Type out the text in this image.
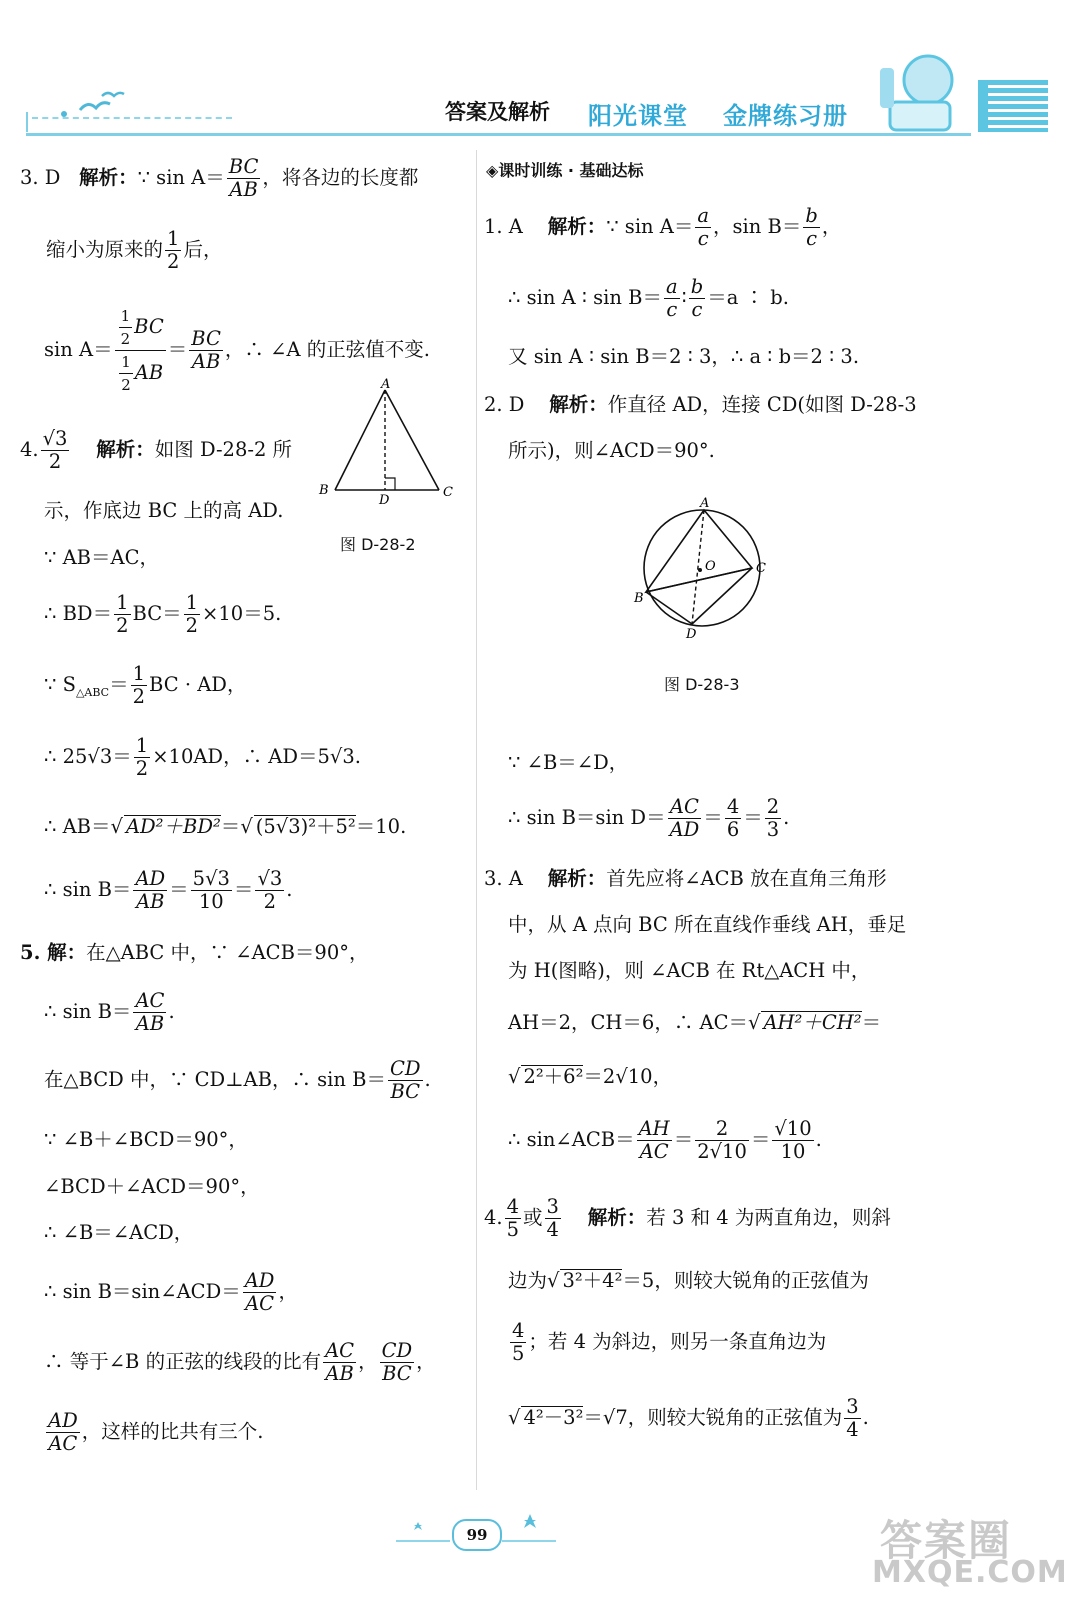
答案及解析 阳光课堂 金牌练习册
3. D 解析：∵ $\sin A= \frac{BC}{AB}$ ，将各边的长度都
缩小为原来的 $\frac{1}{2}$ 后，
$\sin A= \frac{\frac{1}{2} BC}{\frac{1}{2} AB} = \frac{BC}{AB}$ ，∴ ∠A 的正弦值不变.
4. $\frac{√3}{2}$ 解析：如图 D-28-2 所
示，作底边 BC 上的高 AD.
∵ AB＝AC，
∴ $BD= \frac{1}{2} BC= \frac{1}{2} \times 10=5$.
∵ $S_{\triangle ABC}= \frac{1}{2}$ BC · AD，
∴ $25√3= \frac{1}{2} \times 10AD$，∴ AD＝5√3.
∴ AB＝√ AD²＋BD²＝√ (5√3)²＋5²＝10.
∴ $\sin B= \frac{AD}{AB} = \frac{5√3}{10} = \frac{√3}{2}$ .
A
B	C
D
图 D-28-2
5. 解：在△ABC 中，∵ ∠ACB＝90°，
∴ $\sin B= \frac{AC}{AB}$ .
在△BCD 中，∵ CD⊥AB，∴ $\sin B= \frac{CD}{BC}$ .
∵ ∠B＋∠BCD＝90°，
∠BCD＋∠ACD＝90°，
∴ ∠B＝∠ACD，
∴ sin B＝sin∠ACD＝ $\frac{AD}{AC}$ ，
∴ 等于∠B 的正弦的线段的比有 $\frac{AC}{AB}$ ， $\frac{CD}{BC}$ ，
$\frac{AD}{AC}$ ，这样的比共有三个.
◈课时训练 · 基础达标
1. A 解析：∵ $\sin A= \frac{a}{c}$ ，$\sin B= \frac{b}{c}$ ，
∴ sin A ∶ $\sin B= \frac{a}{c}$ ∶ $\frac{b}{c} =a$ ∶ b.
又 sin A ∶ sin B＝2 ∶ 3，∴ a ∶ b＝2 ∶ 3.
2. D 解析：作直径 AD，连接 CD(如图 D-28-3
所示)，则∠ACD＝90°.
A
B
C
D
O
图 D-28-3
∵ ∠B＝∠D，
∴ sin B＝sin $D= \frac{AC}{AD} = \frac{4}{6} = \frac{2}{3}$ .
3. A 解析：首先应将∠ACB 放在直角三角形
中，从 A 点向 BC 所在直线作垂线 AH，垂足
为 H(图略)，则 ∠ACB 在 Rt△ACH 中，
AH＝2，CH＝6，∴ AC＝√ AH²＋CH²＝
√ 2²＋6²＝2√10，
∴ sin∠ACB＝ $\frac{AH}{AC} = \frac{2}{2√10} = \frac{√10}{10}$ .
4. $\frac{4}{5}$ 或 $\frac{3}{4}$ 解析：若 3 和 4 为两直角边，则斜
边为√ 3²＋4²＝5，则较大锐角的正弦值为
$\frac{4}{5}$ ；若 4 为斜边，则另一条直角边为
√ 4²－3²＝√7，则较大锐角的正弦值为 $\frac{3}{4}$ .
99	答案圈
MXQE.COM
